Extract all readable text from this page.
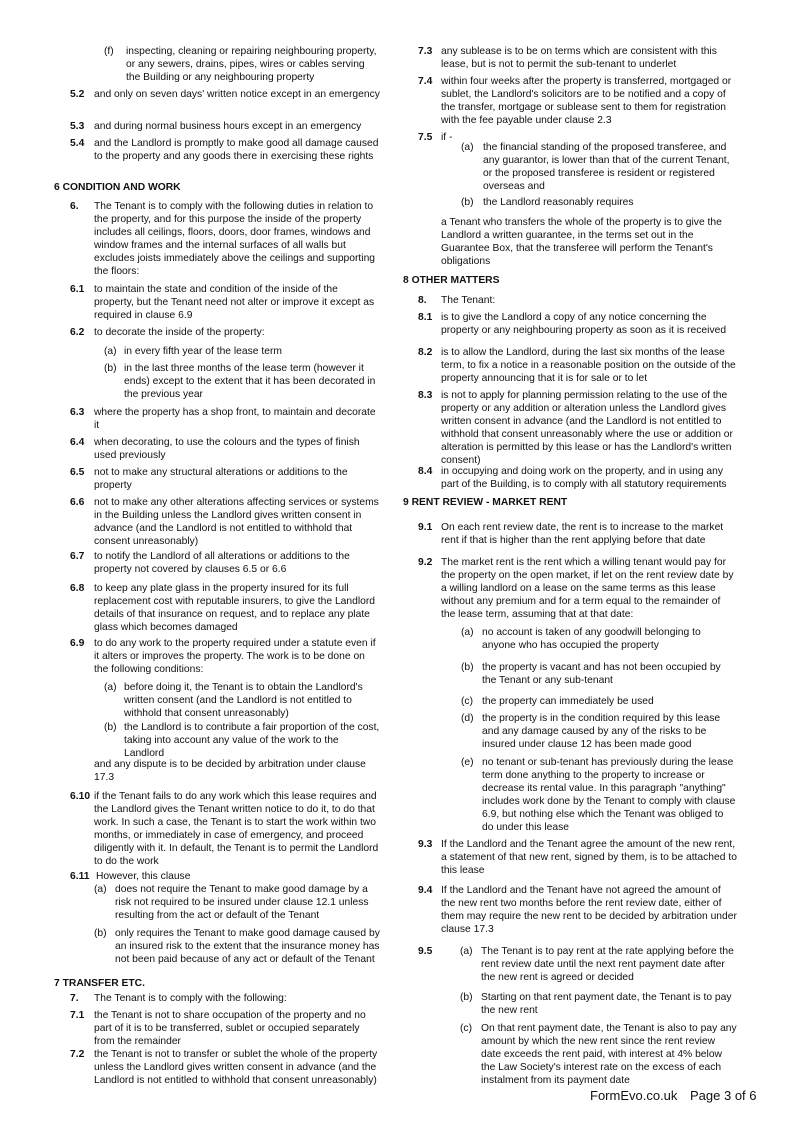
(f) inspecting, cleaning or repairing neighbouring property, or any sewers, drains, pipes, wires or cables serving the Building or any neighbouring property
5.2 and only on seven days' written notice except in an emergency
5.3 and during normal business hours except in an emergency
5.4 and the Landlord is promptly to make good all damage caused to the property and any goods there in exercising these rights
6 CONDITION AND WORK
6. The Tenant is to comply with the following duties in relation to the property, and for this purpose the inside of the property includes all ceilings, floors, doors, door frames, windows and window frames and the internal surfaces of all walls but excludes joists immediately above the ceilings and supporting the floors:
6.1 to maintain the state and condition of the inside of the property, but the Tenant need not alter or improve it except as required in clause 6.9
6.2 to decorate the inside of the property:
(a) in every fifth year of the lease term
(b) in the last three months of the lease term (however it ends) except to the extent that it has been decorated in the previous year
6.3 where the property has a shop front, to maintain and decorate it
6.4 when decorating, to use the colours and the types of finish used previously
6.5 not to make any structural alterations or additions to the property
6.6 not to make any other alterations affecting services or systems in the Building unless the Landlord gives written consent in advance (and the Landlord is not entitled to withhold that consent unreasonably)
6.7 to notify the Landlord of all alterations or additions to the property not covered by clauses 6.5 or 6.6
6.8 to keep any plate glass in the property insured for its full replacement cost with reputable insurers, to give the Landlord details of that insurance on request, and to replace any plate glass which becomes damaged
6.9 to do any work to the property required under a statute even if it alters or improves the property. The work is to be done on the following conditions:
(a) before doing it, the Tenant is to obtain the Landlord's written consent (and the Landlord is not entitled to withhold that consent unreasonably)
(b) the Landlord is to contribute a fair proportion of the cost, taking into account any value of the work to the Landlord
and any dispute is to be decided by arbitration under clause 17.3
6.10 if the Tenant fails to do any work which this lease requires and the Landlord gives the Tenant written notice to do it, to do that work. In such a case, the Tenant is to start the work within two months, or immediately in case of emergency, and proceed diligently with it. In default, the Tenant is to permit the Landlord to do the work
6.11 However, this clause
(a) does not require the Tenant to make good damage by a risk not required to be insured under clause 12.1 unless resulting from the act or default of the Tenant
(b) only requires the Tenant to make good damage caused by an insured risk to the extent that the insurance money has not been paid because of any act or default of the Tenant
7 TRANSFER ETC.
7. The Tenant is to comply with the following:
7.1 the Tenant is not to share occupation of the property and no part of it is to be transferred, sublet or occupied separately from the remainder
7.2 the Tenant is not to transfer or sublet the whole of the property unless the Landlord gives written consent in advance (and the Landlord is not entitled to withhold that consent unreasonably)
7.3 any sublease is to be on terms which are consistent with this lease, but is not to permit the sub-tenant to underlet
7.4 within four weeks after the property is transferred, mortgaged or sublet, the Landlord's solicitors are to be notified and a copy of the transfer, mortgage or sublease sent to them for registration with the fee payable under clause 2.3
7.5 if -
(a) the financial standing of the proposed transferee, and any guarantor, is lower than that of the current Tenant, or the proposed transferee is resident or registered overseas and
(b) the Landlord reasonably requires
a Tenant who transfers the whole of the property is to give the Landlord a written guarantee, in the terms set out in the Guarantee Box, that the transferee will perform the Tenant's obligations
8 OTHER MATTERS
8. The Tenant:
8.1 is to give the Landlord a copy of any notice concerning the property or any neighbouring property as soon as it is received
8.2 is to allow the Landlord, during the last six months of the lease term, to fix a notice in a reasonable position on the outside of the property announcing that it is for sale or to let
8.3 is not to apply for planning permission relating to the use of the property or any addition or alteration unless the Landlord gives written consent in advance (and the Landlord is not entitled to withhold that consent unreasonably where the use or addition or alteration is permitted by this lease or has the Landlord's written consent)
8.4 in occupying and doing work on the property, and in using any part of the Building, is to comply with all statutory requirements
9 RENT REVIEW - MARKET RENT
9.1 On each rent review date, the rent is to increase to the market rent if that is higher than the rent applying before that date
9.2 The market rent is the rent which a willing tenant would pay for the property on the open market, if let on the rent review date by a willing landlord on a lease on the same terms as this lease without any premium and for a term equal to the remainder of the lease term, assuming that at that date:
(a) no account is taken of any goodwill belonging to anyone who has occupied the property
(b) the property is vacant and has not been occupied by the Tenant or any sub-tenant
(c) the property can immediately be used
(d) the property is in the condition required by this lease and any damage caused by any of the risks to be insured under clause 12 has been made good
(e) no tenant or sub-tenant has previously during the lease term done anything to the property to increase or decrease its rental value. In this paragraph "anything" includes work done by the Tenant to comply with clause 6.9, but nothing else which the Tenant was obliged to do under this lease
9.3 If the Landlord and the Tenant agree the amount of the new rent, a statement of that new rent, signed by them, is to be attached to this lease
9.4 If the Landlord and the Tenant have not agreed the amount of the new rent two months before the rent review date, either of them may require the new rent to be decided by arbitration under clause 17.3
9.5	(a) The Tenant is to pay rent at the rate applying before the rent review date until the next rent payment date after the new rent is agreed or decided
(b) Starting on that rent payment date, the Tenant is to pay the new rent
(c) On that rent payment date, the Tenant is also to pay any amount by which the new rent since the rent review date exceeds the rent paid, with interest at 4% below the Law Society's interest rate on the excess of each instalment from its payment date
FormEvo.co.uk Page 3 of 6
